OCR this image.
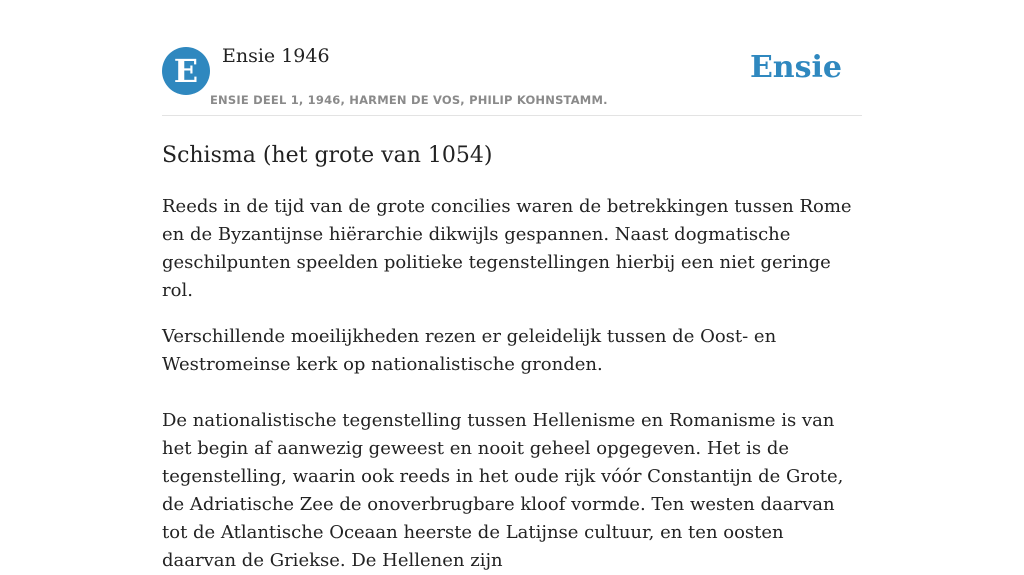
E	Ensie 1946
ENSIE DEEL 1, 1946, HARMEN DE VOS, PHILIP KOHNSTAMM.
Ensie
Schisma (het grote van 1054)

Reeds in de tijd van de grote concilies waren de betrekkingen tussen Rome en de Byzantijnse hiërarchie dikwijls gespannen. Naast dogmatische geschilpunten speelden politieke tegenstellingen hierbij een niet geringe rol.

Verschillende moeilijkheden rezen er geleidelijk tussen de Oost- en Westromeinse kerk op nationalistische gronden.

De nationalistische tegenstelling tussen Hellenisme en Romanisme is van het begin af aanwezig geweest en nooit geheel opgegeven. Het is de tegenstelling, waarin ook reeds in het oude rijk vóór Constantijn de Grote, de Adriatische Zee de onoverbrugbare kloof vormde. Ten westen daarvan tot de Atlantische Oceaan heerste de Latijnse cultuur, en ten oosten daarvan de Griekse. De Hellenen zijn
